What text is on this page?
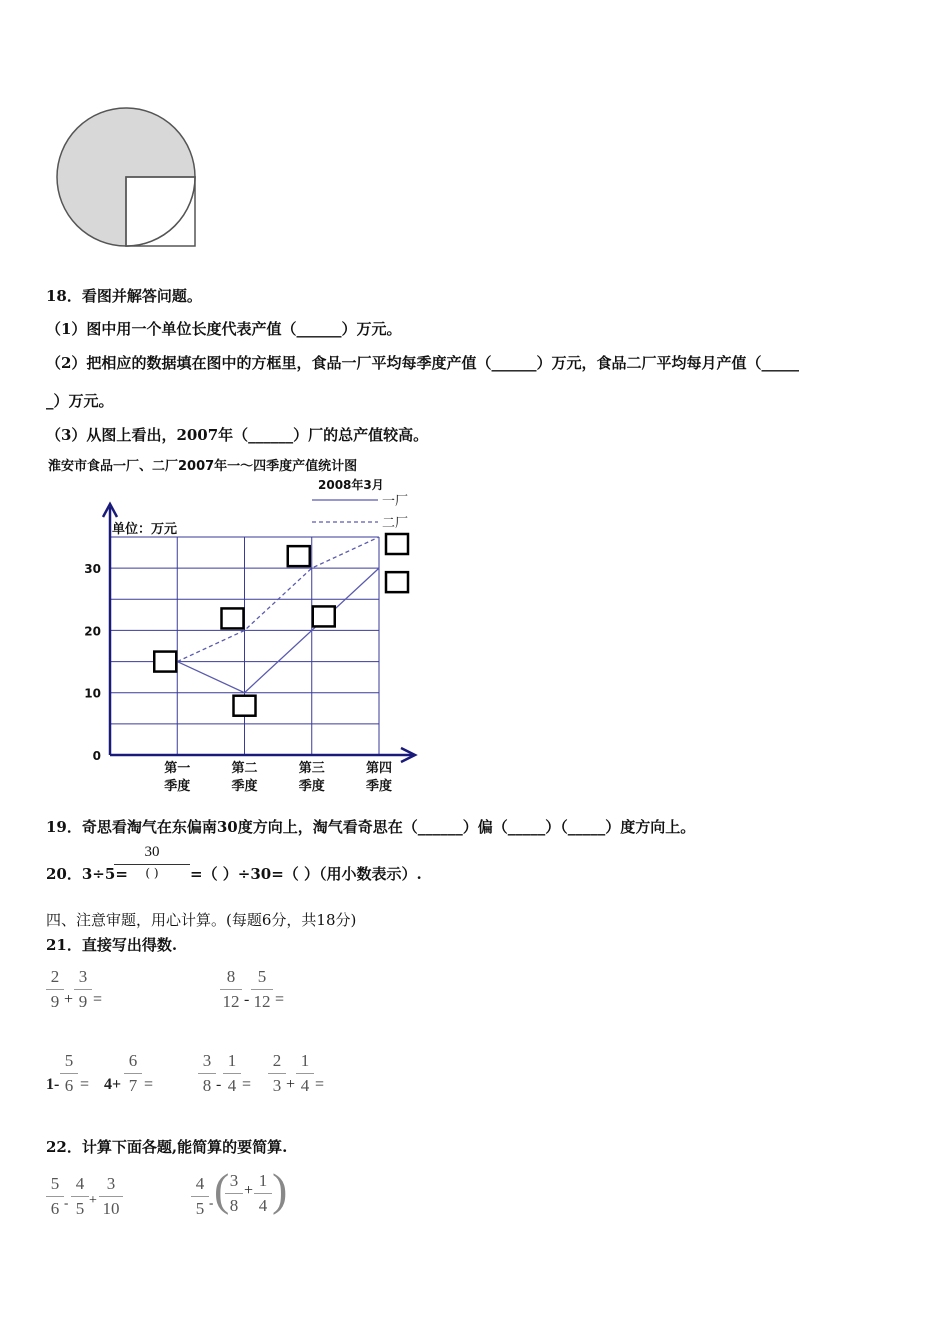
18．看图并解答问题。
（1）图中用一个单位长度代表产值（______）万元。
（2）把相应的数据填在图中的方框里，食品一厂平均每季度产值（______）万元，食品二厂平均每月产值（_____
_）万元。
（3）从图上看出，2007年（______）厂的总产值较高。
淮安市食品一厂、二厂2007年一～四季度产值统计图
2008年3月
一厂
二厂
0
10
20
30
第一
季度
第二
季度
第三
季度
第四
季度
单位：万元
19．奇思看淘气在东偏南30度方向上，淘气看奇思在（______）偏（_____）（_____）度方向上。
20．3÷5=
30
( )	=（ ）÷30=（ ）（用小数表示）.
四、注意审题，用心计算。(每题6分，共18分)
21．直接写出得数.
2
9 +
3
9 =
8
12 -
5
12 =
1-
5
6 = 4+
6
7 =
3
8 -
1
4 =
2
3 +
1
4 =
22．计算下面各题,能简算的要简算.
5
6 -
4
5 +
3
10
4
5 - ( 3
8
+
1
4 )
